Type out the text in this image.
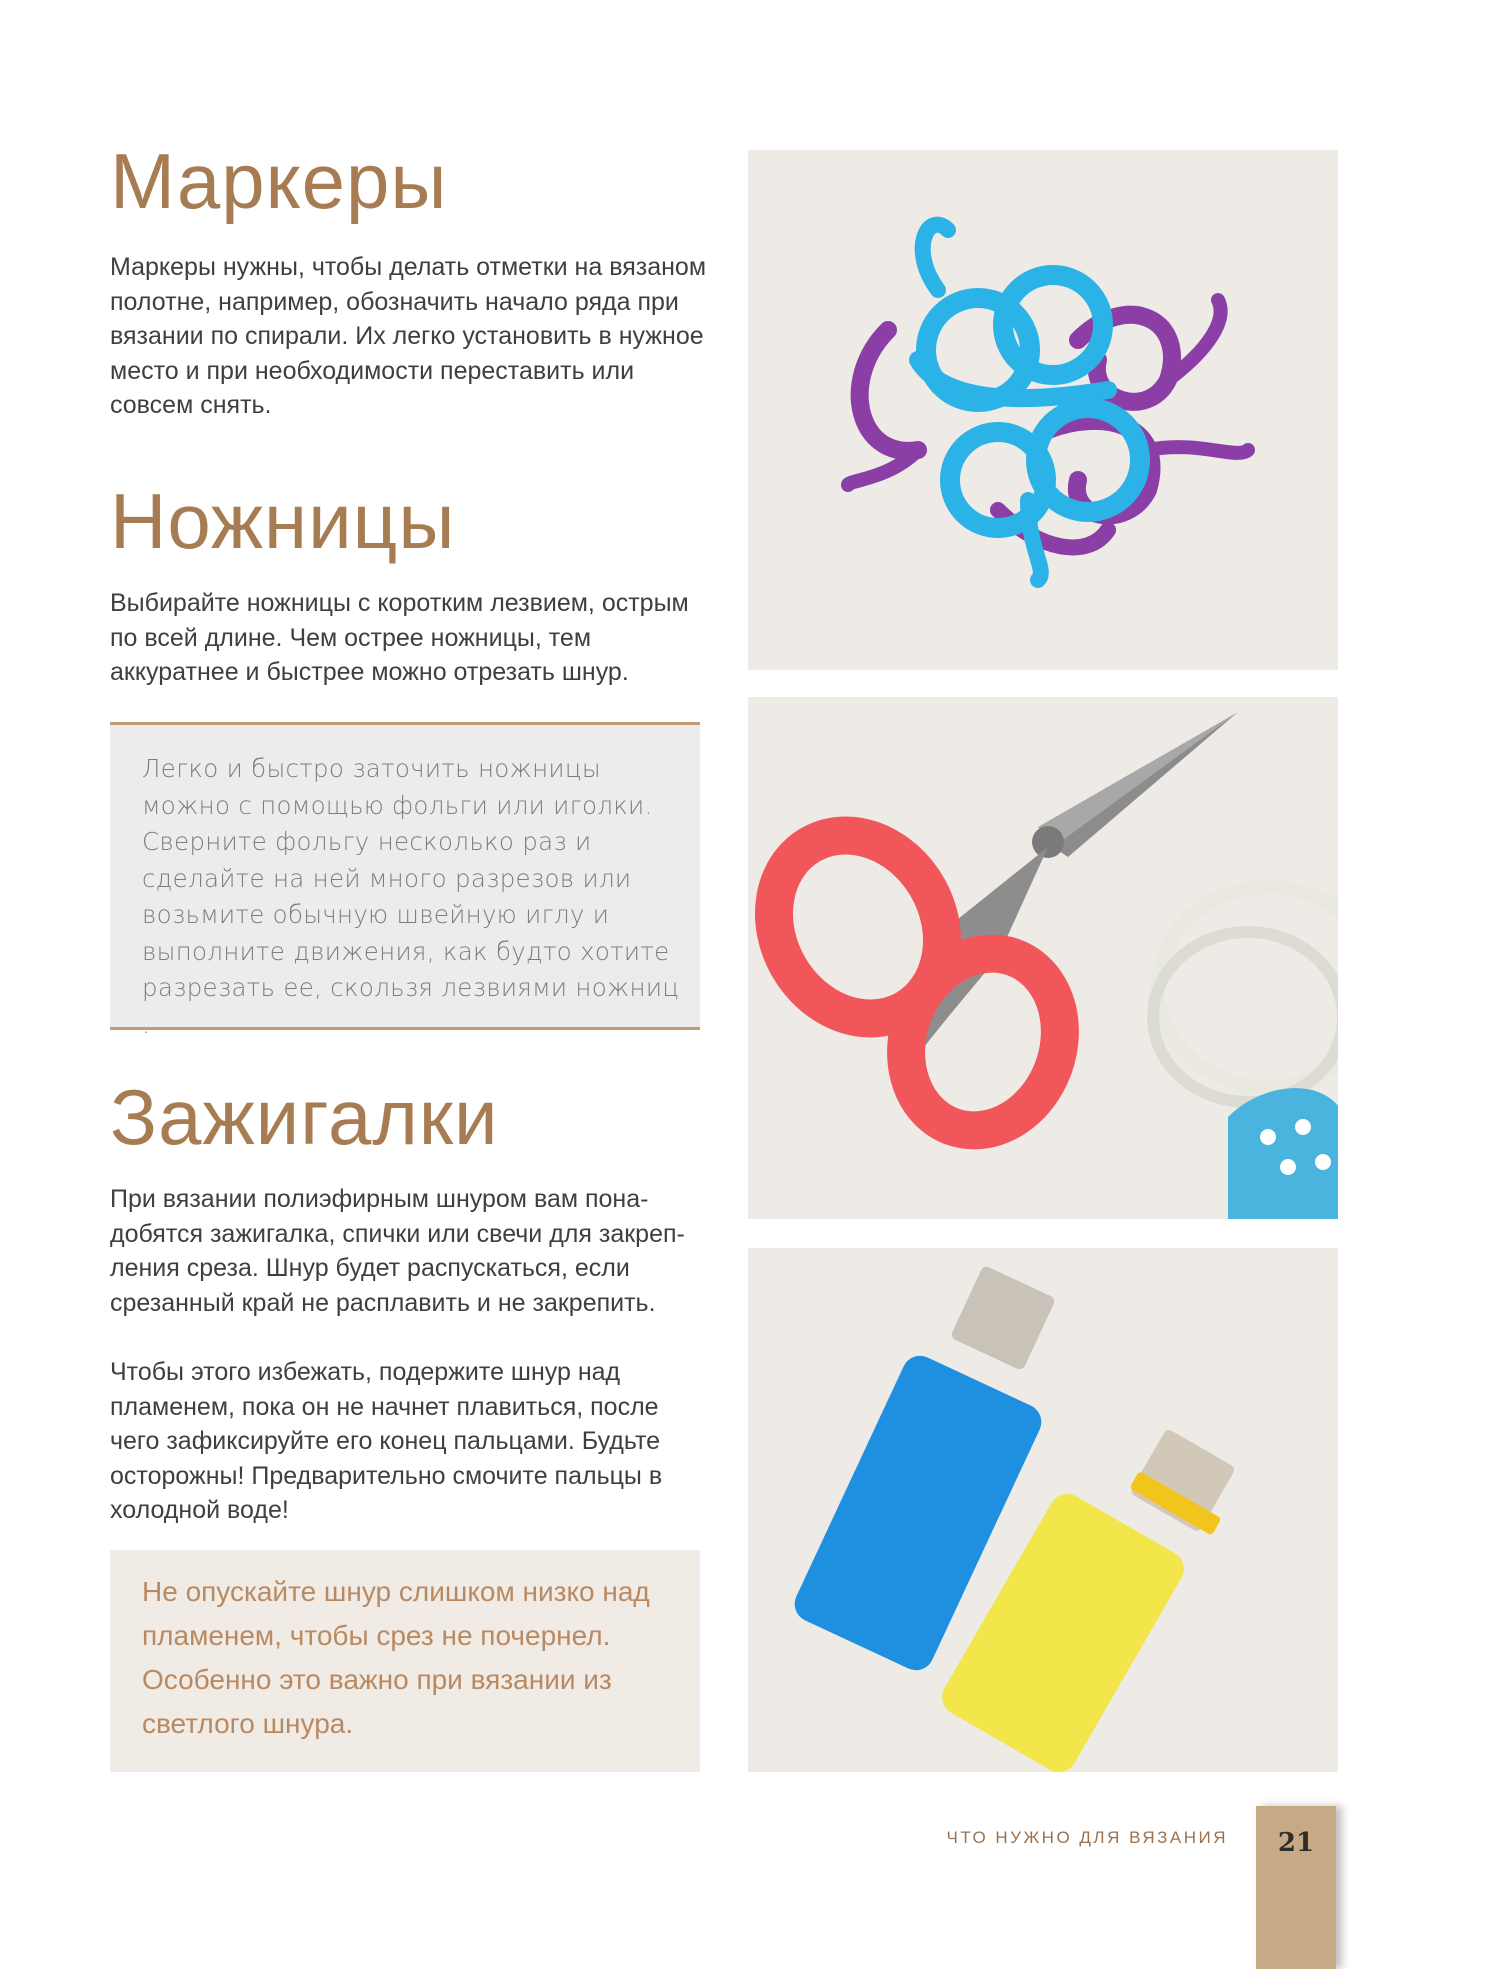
Маркеры

Маркеры нужны, чтобы делать отметки на вязаном полотне, например, обозначить начало ряда при вязании по спирали. Их легко установить в нужное место и при необходимости переставить или совсем снять.

Ножницы

Выбирайте ножницы с коротким лезвием, острым по всей длине. Чем острее ножницы, тем аккуратнее и быстрее можно отрезать шнур.

Легко и быстро заточить ножницы можно с помощью фольги или иголки. Сверните фольгу несколько раз и сделайте на ней много разрезов или возьмите обычную швейную иглу и выполните движения, как будто хотите разрезать ее, скользя лезвиями ножниц .

Зажигалки

При вязании полиэфирным шнуром вам понадобятся зажигалка, спички или свечи для закрепления среза. Шнур будет распускаться, если срезанный край не расплавить и не закрепить.

Чтобы этого избежать, подержите шнур над пламенем, пока он не начнет плавиться, после чего зафиксируйте его конец пальцами. Будьте осторожны! Предварительно смочите пальцы в холодной воде!

Не опускайте шнур слишком низко над пламенем, чтобы срез не почернел. Особенно это важно при вязании из светлого шнура.

ЧТО НУЖНО ДЛЯ ВЯЗАНИЯ	21
